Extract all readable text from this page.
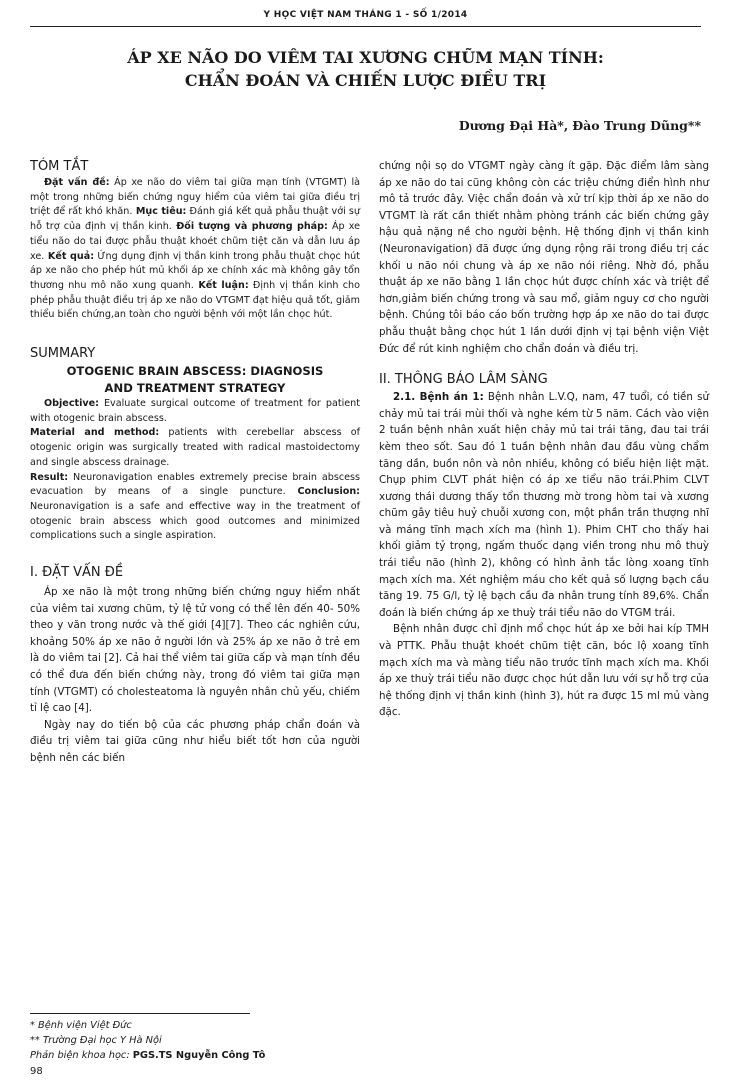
Y HỌC VIỆT NAM THÁNG 1 - SỐ 1/2014
ÁP XE NÃO DO VIÊM TAI XƯƠNG CHŨM MẠN TÍNH:
CHẨN ĐOÁN VÀ CHIẾN LƯỢC ĐIỀU TRỊ
Dương Đại Hà*, Đào Trung Dũng**
TÓM TẮT

Đặt vấn đề: Áp xe não do viêm tai giữa mạn tính (VTGMT) là một trong những biến chứng nguy hiểm của viêm tai giữa điều trị triệt để rất khó khăn. Mục tiêu: Đánh giá kết quả phẫu thuật với sự hỗ trợ của định vị thần kinh. Đối tượng và phương pháp: Áp xe tiểu não do tai được phẫu thuật khoét chũm tiệt căn và dẫn lưu áp xe. Kết quả: Ứng dụng định vị thần kinh trong phẫu thuật chọc hút áp xe não cho phép hút mủ khối áp xe chính xác mà không gây tổn thương nhu mô não xung quanh. Kết luận: Định vị thần kinh cho phép phẫu thuật điều trị áp xe não do VTGMT đạt hiệu quả tốt, giảm thiểu biến chứng,an toàn cho người bệnh với một lần chọc hút.

SUMMARY

OTOGENIC BRAIN ABSCESS: DIAGNOSIS

AND TREATMENT STRATEGY

Objective: Evaluate surgical outcome of treatment for patient with otogenic brain abscess.
Material and method: patients with cerebellar abscess of otogenic origin was surgically treated with radical mastoidectomy and single abscess drainage.
Result: Neuronavigation enables extremely precise brain abscess evacuation by means of a single puncture. Conclusion: Neuronavigation is a safe and effective way in the treatment of otogenic brain abscess which good outcomes and minimized complications such a single aspiration.

I. ĐẶT VẤN ĐỀ

Áp xe não là một trong những biến chứng nguy hiểm nhất của viêm tai xương chũm, tỷ lệ tử vong có thể lên đến 40- 50% theo y văn trong nước và thế giới [4][7]. Theo các nghiên cứu, khoảng 50% áp xe não ở người lớn và 25% áp xe não ở trẻ em là do viêm tai [2]. Cả hai thể viêm tai giữa cấp và mạn tính đều có thể đưa đến biến chứng này, trong đó viêm tai giữa mạn tính (VTGMT) có cholesteatoma là nguyên nhân chủ yếu, chiếm tỉ lệ cao [4].

Ngày nay do tiến bộ của các phương pháp chẩn đoán và điều trị viêm tai giữa cũng như hiểu biết tốt hơn của người bệnh nên các biến

chứng nội sọ do VTGMT ngày càng ít gặp. Đặc điểm lâm sàng áp xe não do tai cũng không còn các triệu chứng điển hình như mô tả trước đây. Việc chẩn đoán và xử trí kịp thời áp xe não do VTGMT là rất cần thiết nhằm phòng tránh các biến chứng gây hậu quả nặng nề cho người bệnh. Hệ thống định vị thần kinh (Neuronavigation) đã được ứng dụng rộng rãi trong điều trị các khối u não nói chung và áp xe não nói riêng. Nhờ đó, phẫu thuật áp xe não bằng 1 lần chọc hút được chính xác và triệt để hơn,giảm biến chứng trong và sau mổ, giảm nguy cơ cho người bệnh. Chúng tôi báo cáo bốn trường hợp áp xe não do tai được phẫu thuật bằng chọc hút 1 lần dưới định vị tại bệnh viện Việt Đức để rút kinh nghiệm cho chẩn đoán và điều trị.

II. THÔNG BÁO LÂM SÀNG

2.1. Bệnh án 1: Bệnh nhân L.V.Q, nam, 47 tuổi, có tiền sử chảy mủ tai trái mùi thối và nghe kém từ 5 năm. Cách vào viện 2 tuần bệnh nhân xuất hiện chảy mủ tai trái tăng, đau tai trái kèm theo sốt. Sau đó 1 tuần bệnh nhân đau đầu vùng chẩm tăng dần, buồn nôn và nôn nhiều, không có biểu hiện liệt mặt. Chụp phim CLVT phát hiện có áp xe tiểu não trái.Phim CLVT xương thái dương thấy tổn thương mờ trong hòm tai và xương chũm gây tiêu huỷ chuỗi xương con, một phần trần thượng nhĩ và máng tĩnh mạch xích ma (hình 1). Phim CHT cho thấy hai khối giảm tỷ trọng, ngấm thuốc dạng viền trong nhu mô thuỳ trái tiểu não (hình 2), không có hình ảnh tắc lòng xoang tĩnh mạch xích ma. Xét nghiệm máu cho kết quả số lượng bạch cầu tăng 19. 75 G/l, tỷ lệ bạch cầu đa nhân trung tính 89,6%. Chẩn đoán là biến chứng áp xe thuỳ trái tiểu não do VTGM trái.

Bệnh nhân được chỉ định mổ chọc hút áp xe bởi hai kíp TMH và PTTK. Phẫu thuật khoét chũm tiệt căn, bóc lộ xoang tĩnh mạch xích ma và màng tiểu não trước tĩnh mạch xích ma. Khối áp xe thuỳ trái tiểu não được chọc hút dẫn lưu với sự hỗ trợ của hệ thống định vị thần kinh (hình 3), hút ra được 15 ml mủ vàng đặc.

* Bệnh viện Việt Đức
** Trường Đại học Y Hà Nội
Phản biện khoa học: PGS.TS Nguyễn Công Tô
98
